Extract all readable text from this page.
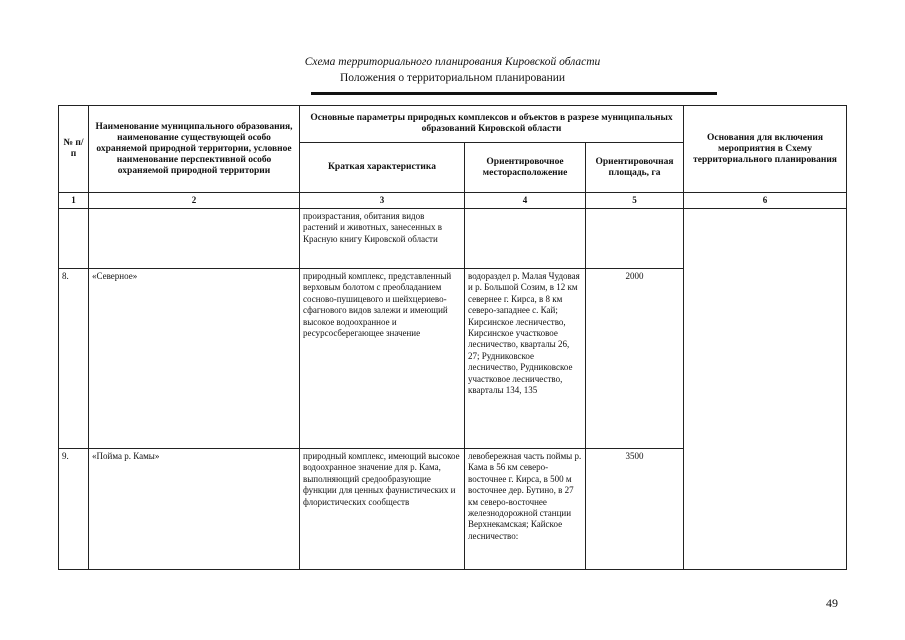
Схема территориального планирования Кировской области
Положения о территориальном планировании
№ п/п	Наименование муниципального образования, наименование существующей особо охраняемой природной территории, условное наименование перспективной особо охраняемой природной территории	Основные параметры природных комплексов и объектов в разрезе муниципальных образований Кировской области			Основания для включения мероприятия в Схему территориального планирования
		Краткая характеристика	Ориентировочное месторасположение	Ориентировочная площадь, га	
1	2	3	4	5	6
		произрастания, обитания видов растений и животных, занесенных в Красную книгу Кировской области			
8.	«Северное»	природный комплекс, представленный верховым болотом с преобладанием сосново-пушицевого и шейхцериево-сфагнового видов залежи и имеющий высокое водоохранное и ресурсосберегающее значение	водораздел р. Малая Чудовая и р. Большой Созим, в 12 км севернее г. Кирса, в 8 км северо-западнее с. Кай; Кирсинское лесничество, Кирсинское участковое лесничество, кварталы 26, 27; Рудниковское лесничество, Рудниковское участковое лесничество, кварталы 134, 135	2000	
9.	«Пойма р. Камы»	природный комплекс, имеющий высокое водоохранное значение для р. Кама, выполняющий средообразующие функции для ценных фаунистических и флористических сообществ	левобережная часть поймы р. Кама в 56 км северо-восточнее г. Кирса, в 500 м восточнее дер. Бутино, в 27 км северо-восточнее железнодорожной станции Верхнекамская; Кайское лесничество:	3500	
49
